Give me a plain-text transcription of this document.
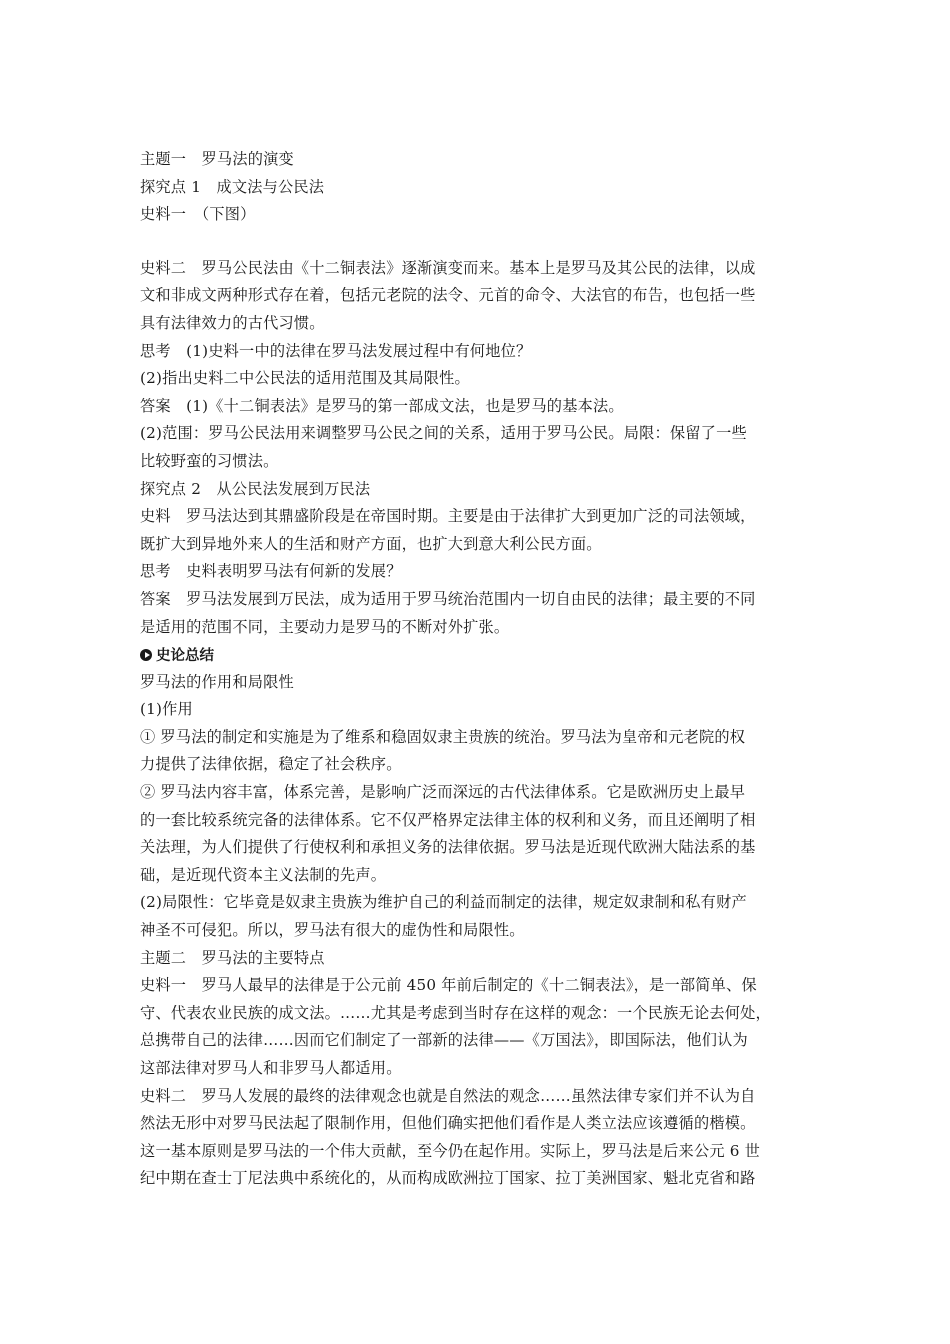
主题一　罗马法的演变
探究点 1　成文法与公民法
史料一　（下图）
史料二　罗马公民法由《十二铜表法》逐渐演变而来。基本上是罗马及其公民的法律，以成
文和非成文两种形式存在着，包括元老院的法令、元首的命令、大法官的布告，也包括一些
具有法律效力的古代习惯。
思考　(1)史料一中的法律在罗马法发展过程中有何地位？
(2)指出史料二中公民法的适用范围及其局限性。
答案　(1)《十二铜表法》是罗马的第一部成文法，也是罗马的基本法。
(2)范围：罗马公民法用来调整罗马公民之间的关系，适用于罗马公民。局限：保留了一些
比较野蛮的习惯法。
探究点 2　从公民法发展到万民法
史料　罗马法达到其鼎盛阶段是在帝国时期。主要是由于法律扩大到更加广泛的司法领域，
既扩大到异地外来人的生活和财产方面，也扩大到意大利公民方面。
思考　史料表明罗马法有何新的发展？
答案　罗马法发展到万民法，成为适用于罗马统治范围内一切自由民的法律；最主要的不同
是适用的范围不同，主要动力是罗马的不断对外扩张。
史论总结
罗马法的作用和局限性
(1)作用
① 罗马法的制定和实施是为了维系和稳固奴隶主贵族的统治。罗马法为皇帝和元老院的权
力提供了法律依据，稳定了社会秩序。
② 罗马法内容丰富，体系完善，是影响广泛而深远的古代法律体系。它是欧洲历史上最早
的一套比较系统完备的法律体系。它不仅严格界定法律主体的权利和义务，而且还阐明了相
关法理，为人们提供了行使权利和承担义务的法律依据。罗马法是近现代欧洲大陆法系的基
础，是近现代资本主义法制的先声。
(2)局限性：它毕竟是奴隶主贵族为维护自己的利益而制定的法律，规定奴隶制和私有财产
神圣不可侵犯。所以，罗马法有很大的虚伪性和局限性。
主题二　罗马法的主要特点
史料一　罗马人最早的法律是于公元前 450 年前后制定的《十二铜表法》，是一部简单、保
守、代表农业民族的成文法。……尤其是考虑到当时存在这样的观念：一个民族无论去何处，
总携带自己的法律……因而它们制定了一部新的法律——《万国法》，即国际法，他们认为
这部法律对罗马人和非罗马人都适用。
史料二　罗马人发展的最终的法律观念也就是自然法的观念……虽然法律专家们并不认为自
然法无形中对罗马民法起了限制作用，但他们确实把他们看作是人类立法应该遵循的楷模。
这一基本原则是罗马法的一个伟大贡献，至今仍在起作用。实际上，罗马法是后来公元 6 世
纪中期在查士丁尼法典中系统化的，从而构成欧洲拉丁国家、拉丁美洲国家、魁北克省和路
